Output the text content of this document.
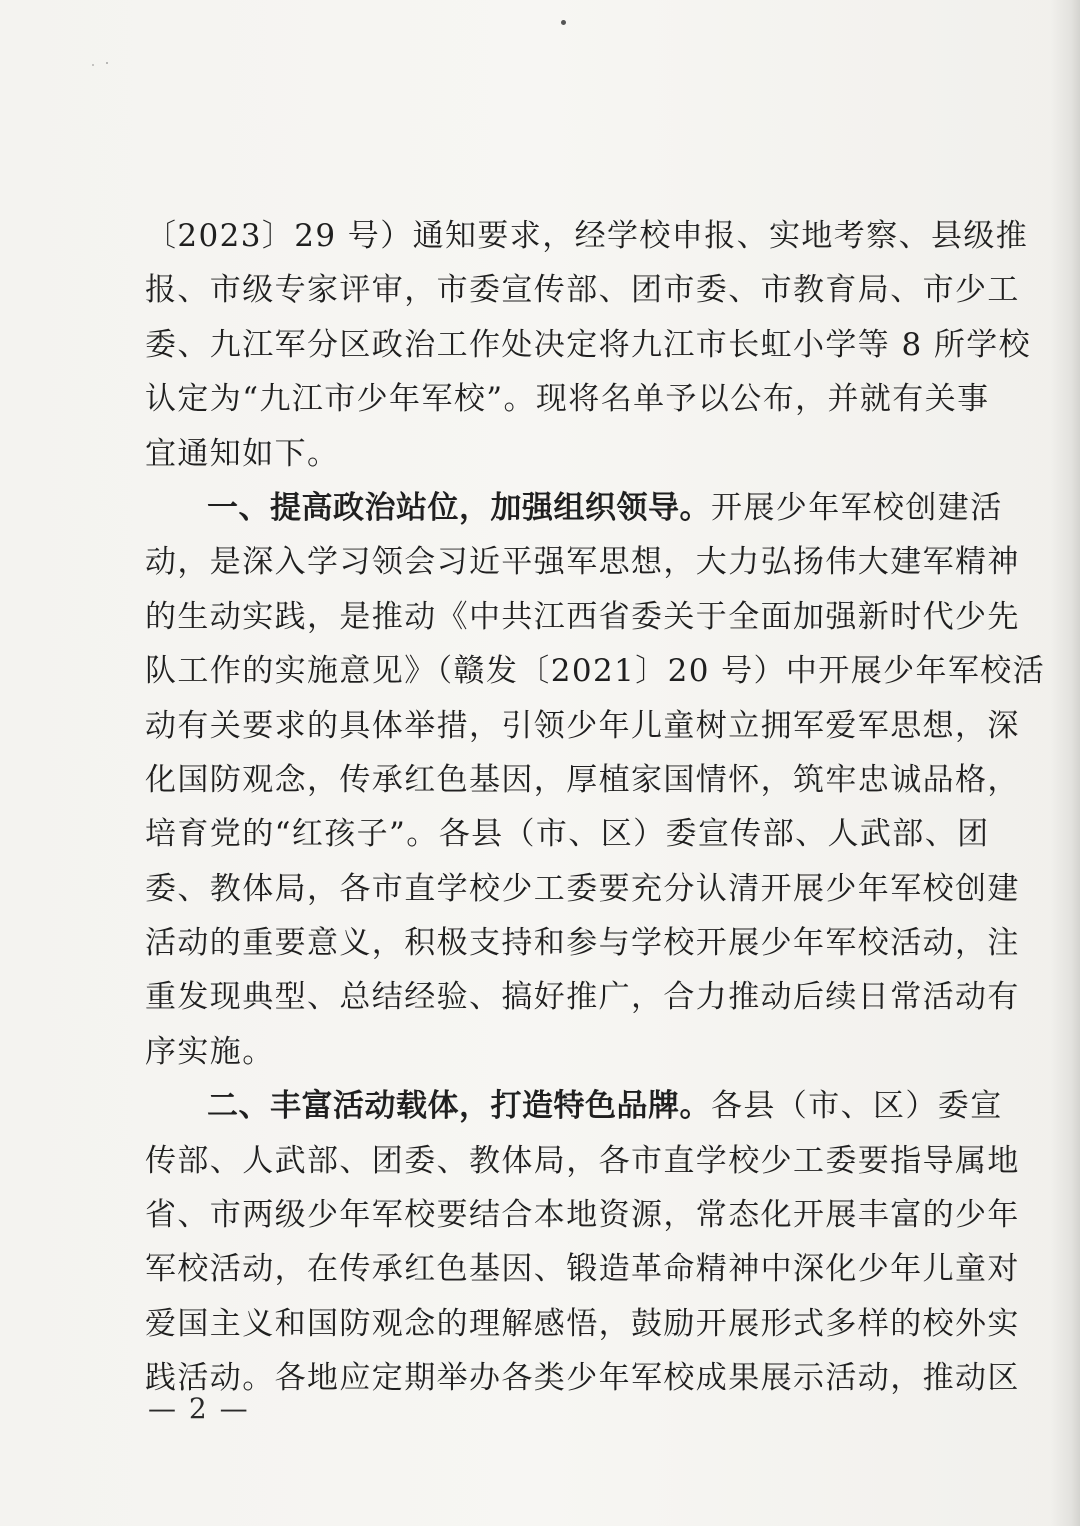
〔2023〕29 号）通知要求，经学校申报、实地考察、县级推
报、市级专家评审，市委宣传部、团市委、市教育局、市少工
委、九江军分区政治工作处决定将九江市长虹小学等 8 所学校
认定为“九江市少年军校”。现将名单予以公布，并就有关事
宜通知如下。
一、提高政治站位，加强组织领导。开展少年军校创建活
动，是深入学习领会习近平强军思想，大力弘扬伟大建军精神
的生动实践，是推动《中共江西省委关于全面加强新时代少先
队工作的实施意见》（赣发〔2021〕20 号）中开展少年军校活
动有关要求的具体举措，引领少年儿童树立拥军爱军思想，深
化国防观念，传承红色基因，厚植家国情怀，筑牢忠诚品格，
培育党的“红孩子”。各县（市、区）委宣传部、人武部、团
委、教体局，各市直学校少工委要充分认清开展少年军校创建
活动的重要意义，积极支持和参与学校开展少年军校活动，注
重发现典型、总结经验、搞好推广，合力推动后续日常活动有
序实施。
二、丰富活动载体，打造特色品牌。各县（市、区）委宣
传部、人武部、团委、教体局，各市直学校少工委要指导属地
省、市两级少年军校要结合本地资源，常态化开展丰富的少年
军校活动，在传承红色基因、锻造革命精神中深化少年儿童对
爱国主义和国防观念的理解感悟，鼓励开展形式多样的校外实
践活动。各地应定期举办各类少年军校成果展示活动，推动区
— 2 —
